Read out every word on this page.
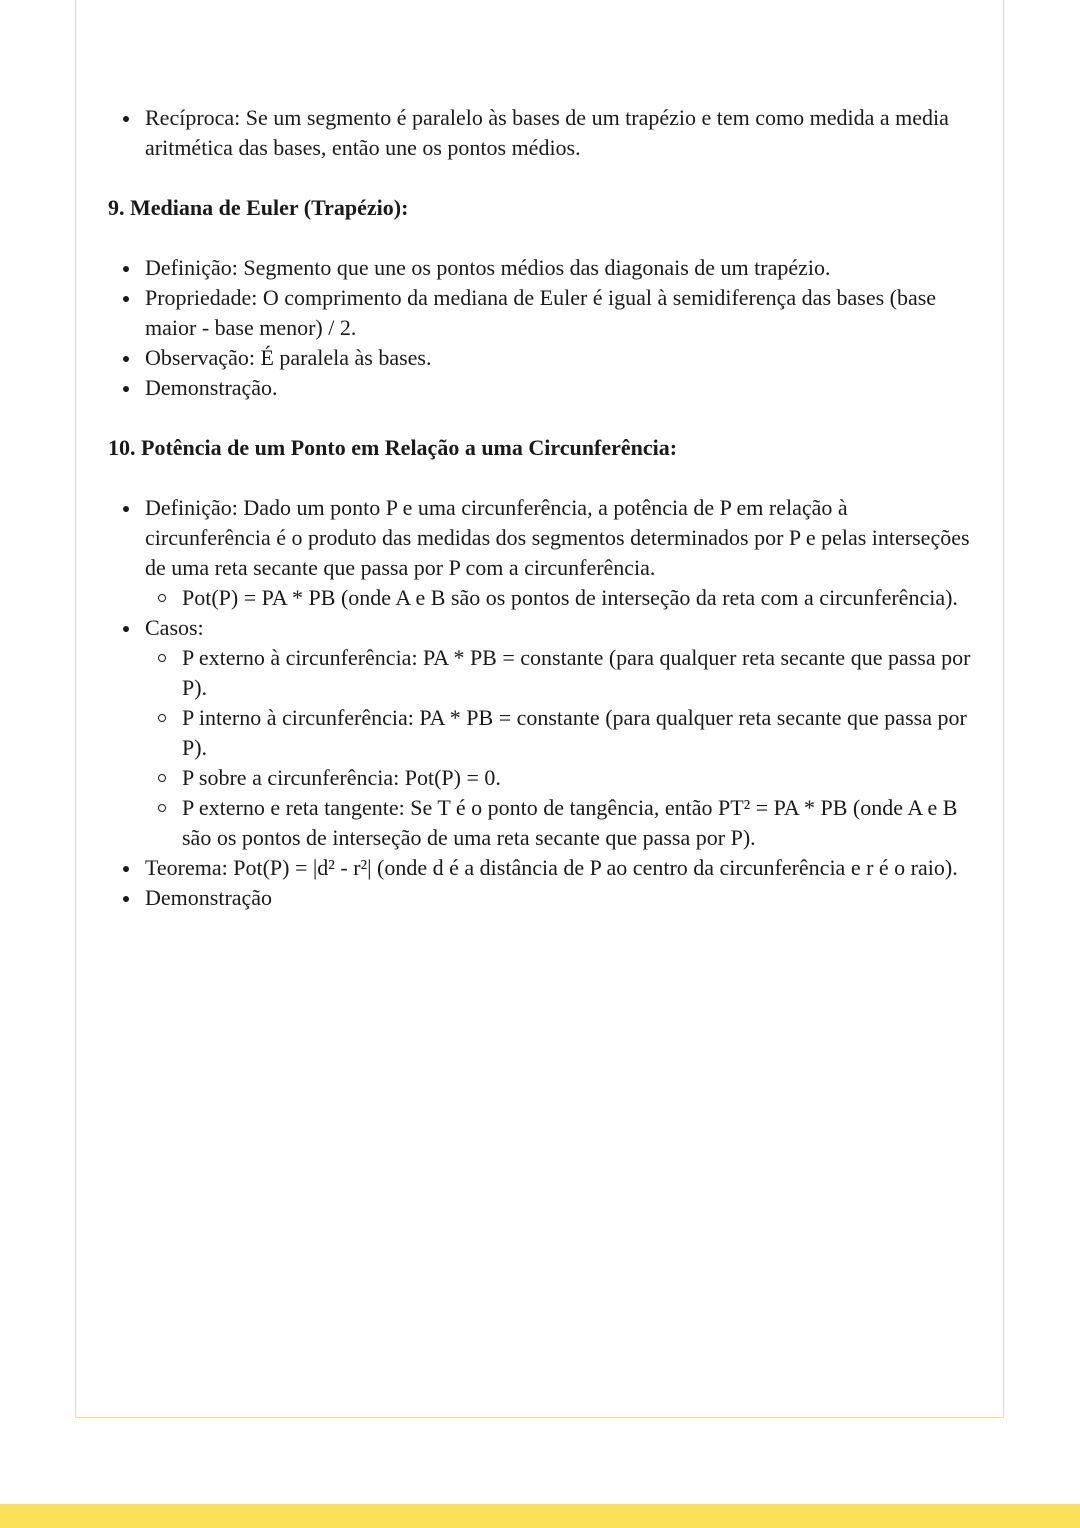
Recíproca: Se um segmento é paralelo às bases de um trapézio e tem como medida a media aritmética das bases, então une os pontos médios.
9. Mediana de Euler (Trapézio):
Definição: Segmento que une os pontos médios das diagonais de um trapézio.
Propriedade: O comprimento da mediana de Euler é igual à semidiferença das bases (base maior - base menor) / 2.
Observação: É paralela às bases.
Demonstração.
10. Potência de um Ponto em Relação a uma Circunferência:
Definição: Dado um ponto P e uma circunferência, a potência de P em relação à circunferência é o produto das medidas dos segmentos determinados por P e pelas interseções de uma reta secante que passa por P com a circunferência.
Pot(P) = PA * PB (onde A e B são os pontos de interseção da reta com a circunferência).
Casos:
P externo à circunferência: PA * PB = constante (para qualquer reta secante que passa por P).
P interno à circunferência: PA * PB = constante (para qualquer reta secante que passa por P).
P sobre a circunferência: Pot(P) = 0.
P externo e reta tangente: Se T é o ponto de tangência, então PT² = PA * PB (onde A e B são os pontos de interseção de uma reta secante que passa por P).
Teorema: Pot(P) = |d² - r²| (onde d é a distância de P ao centro da circunferência e r é o raio).
Demonstração
